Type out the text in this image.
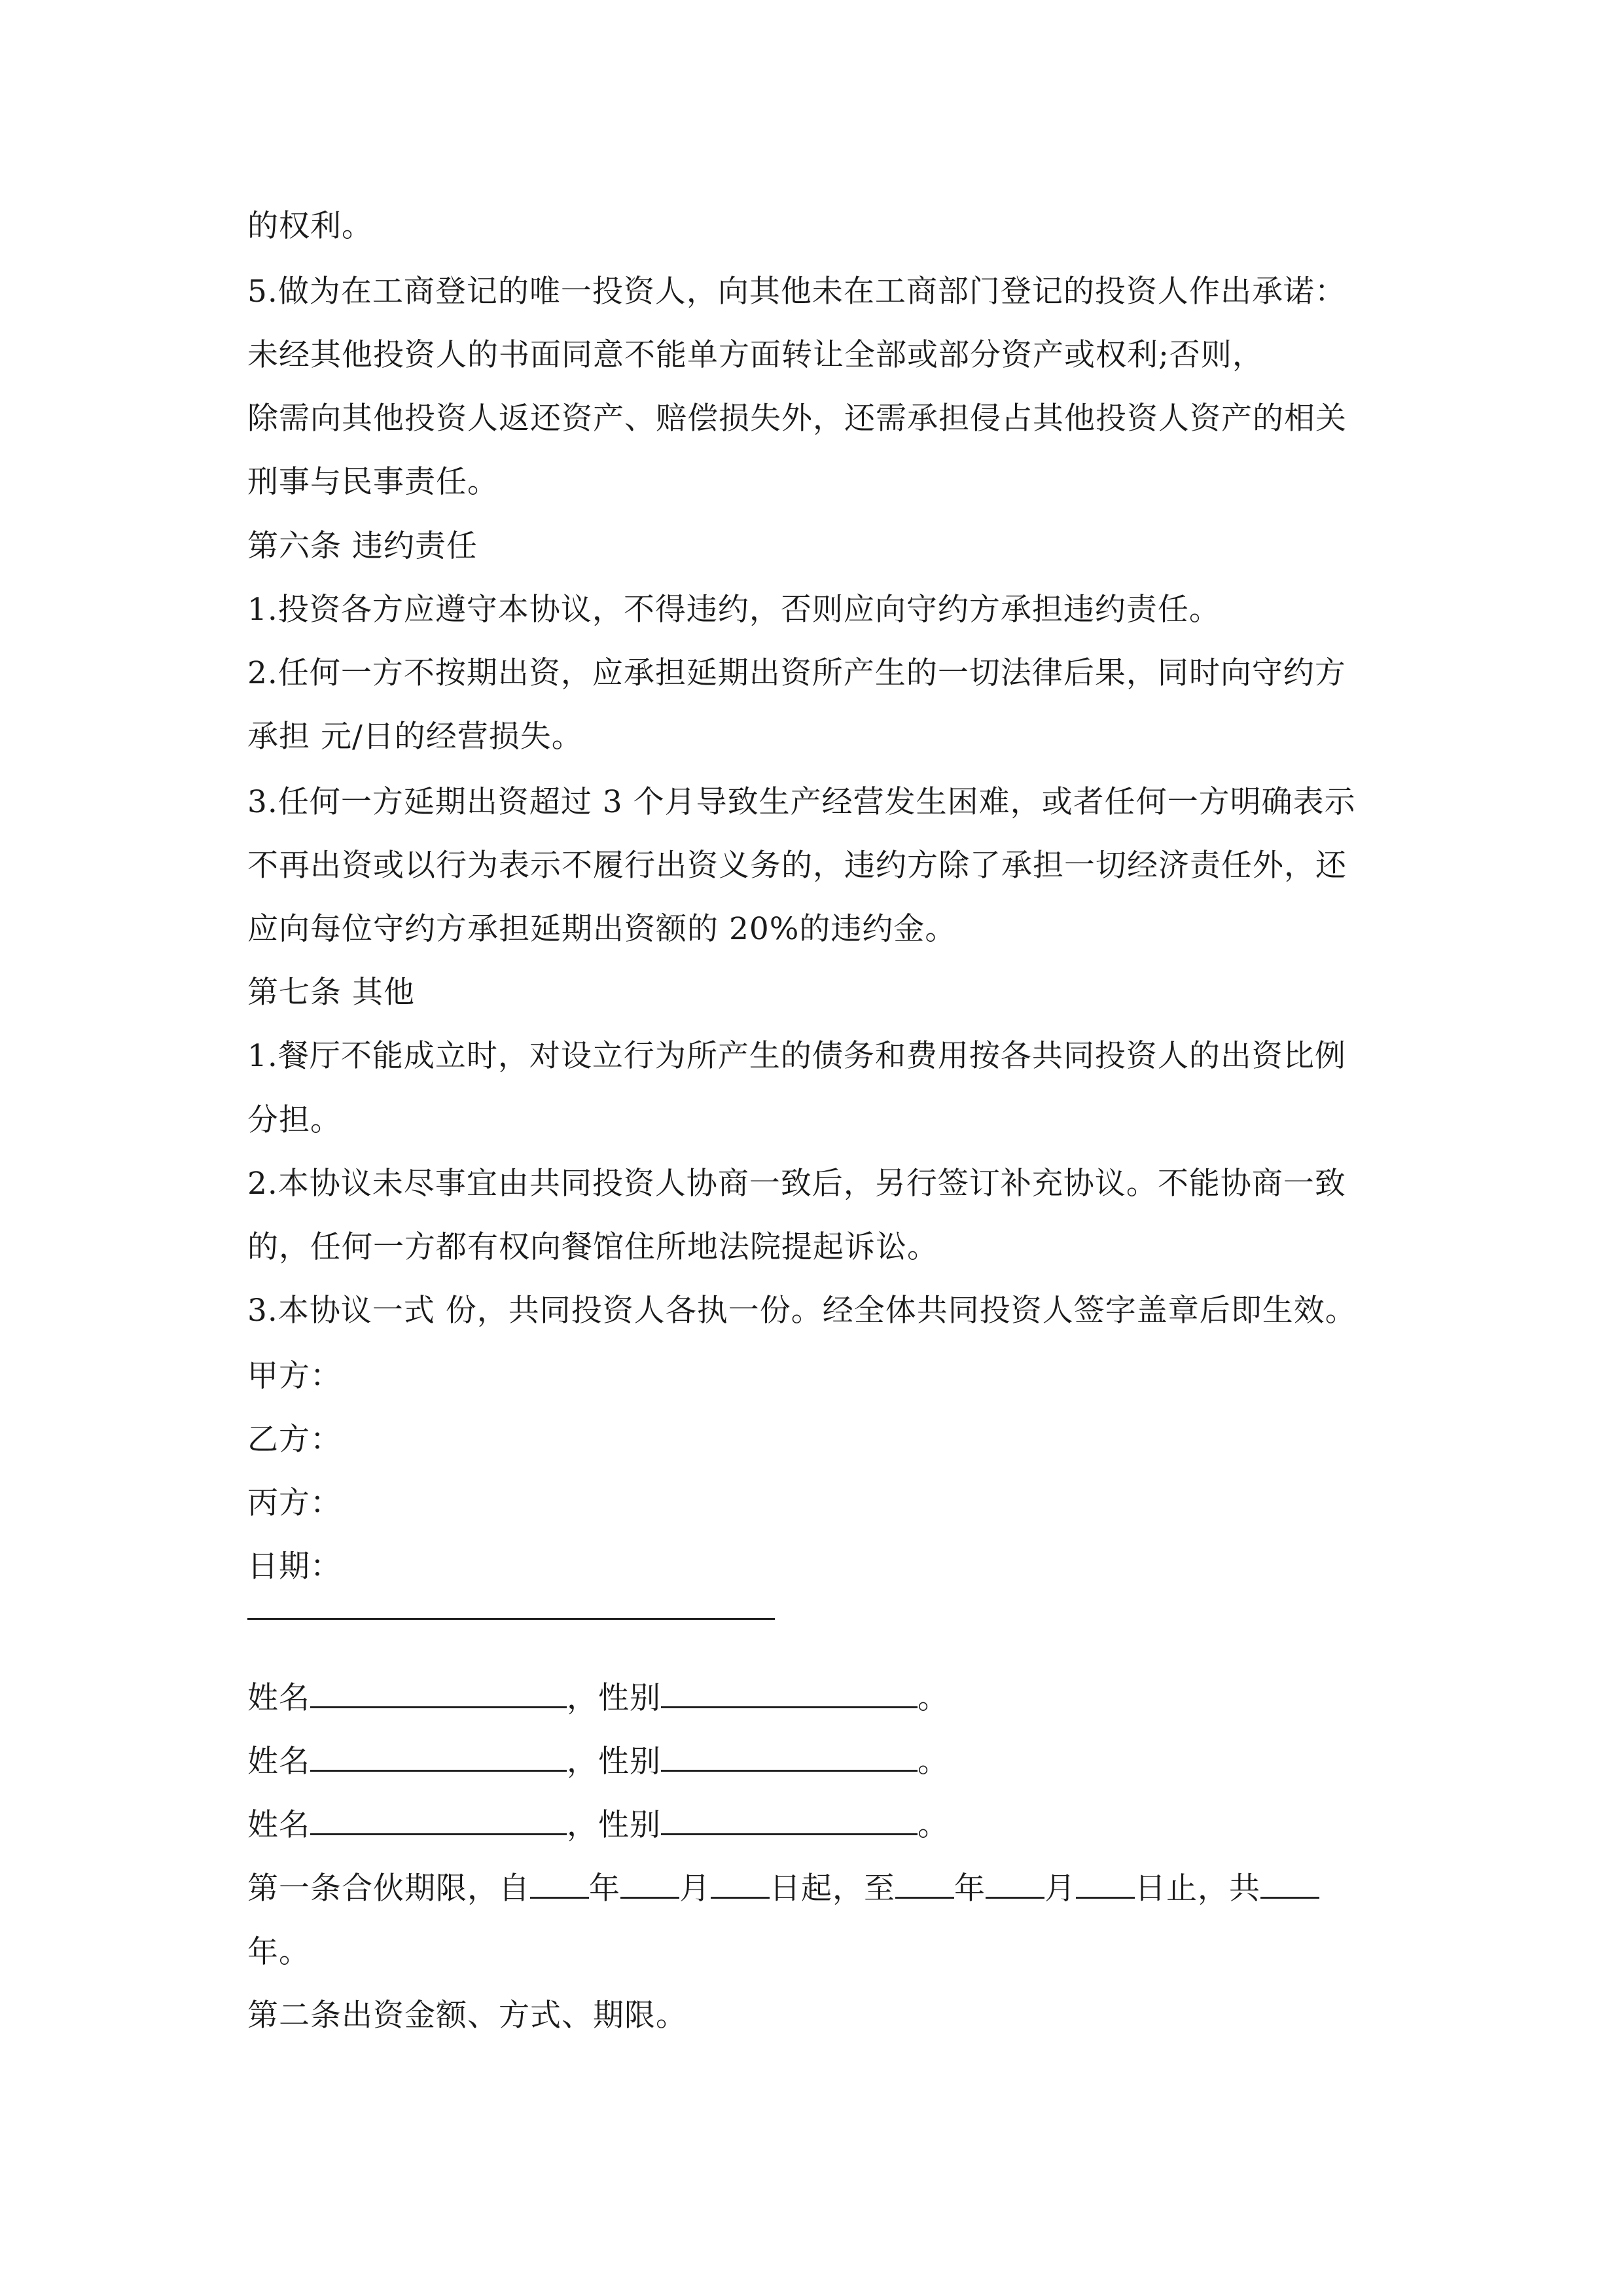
的权利。
5.做为在工商登记的唯一投资人，向其他未在工商部门登记的投资人作出承诺：
未经其他投资人的书面同意不能单方面转让全部或部分资产或权利;否则，
除需向其他投资人返还资产、赔偿损失外，还需承担侵占其他投资人资产的相关
刑事与民事责任。
第六条 违约责任
1.投资各方应遵守本协议，不得违约，否则应向守约方承担违约责任。
2.任何一方不按期出资，应承担延期出资所产生的一切法律后果，同时向守约方
承担 元/日的经营损失。
3.任何一方延期出资超过 3 个月导致生产经营发生困难，或者任何一方明确表示
不再出资或以行为表示不履行出资义务的，违约方除了承担一切经济责任外，还
应向每位守约方承担延期出资额的 20%的违约金。
第七条 其他
1.餐厅不能成立时，对设立行为所产生的债务和费用按各共同投资人的出资比例
分担。
2.本协议未尽事宜由共同投资人协商一致后，另行签订补充协议。不能协商一致
的，任何一方都有权向餐馆住所地法院提起诉讼。
3.本协议一式 份，共同投资人各执一份。经全体共同投资人签字盖章后即生效。
甲方：
乙方：
丙方：
日期：
姓名	，性别	。
姓名	，性别	。
姓名	，性别	。
第一条合伙期限，自 年 月 日起，至 年 月 日止，共
年。
第二条出资金额、方式、期限。
